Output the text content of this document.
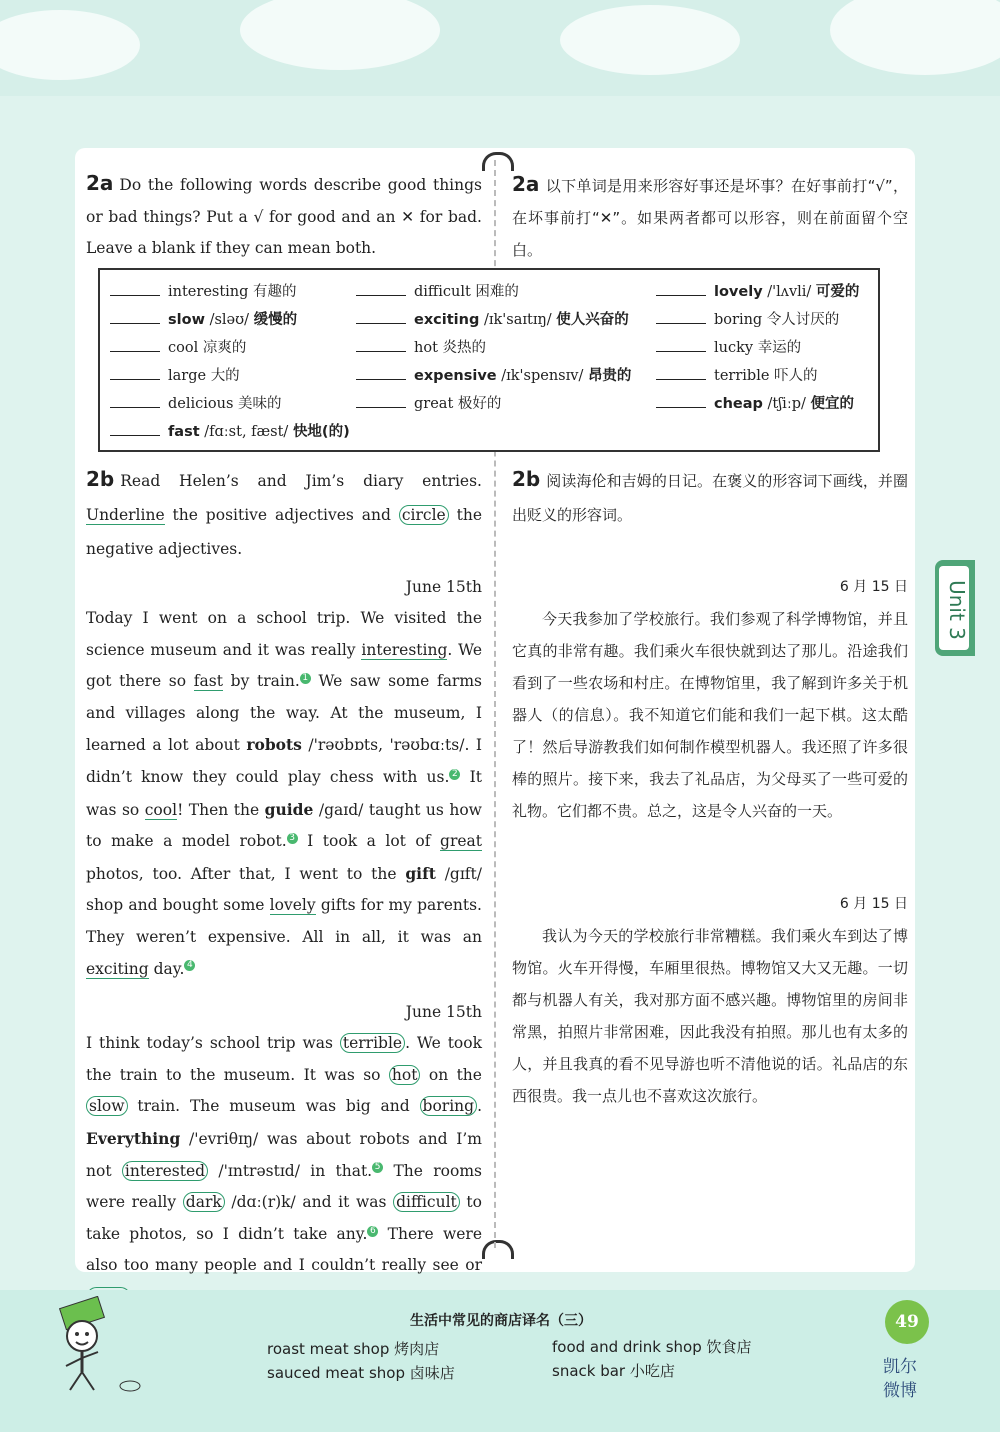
2a Do the following words describe good things or bad things? Put a √ for good and an ✕ for bad. Leave a blank if they can mean both.

2a 以下单词是用来形容好事还是坏事？在好事前打“√”，在坏事前打“✕”。如果两者都可以形容，则在前面留个空白。

interesting
有趣的
slow
/sləʊ/
缓慢的
cool
凉爽的
large
大的
delicious
美味的
fast
/fɑːst, fæst/
快地(的)
difficult
困难的
exciting
/ɪk'saɪtɪŋ/
使人兴奋的
hot
炎热的
expensive
/ɪk'spensɪv/
昂贵的
great
极好的
lovely
/'lʌvli/
可爱的
boring
令人讨厌的
lucky
幸运的
terrible
吓人的
cheap
/tʃiːp/
便宜的

2b Read Helen’s and Jim’s diary entries. Underline the positive adjectives and circle the negative adjectives.

June 15th

Today I went on a school trip. We visited the science museum and it was really interesting. We got there so fast by train. 1 We saw some farms and villages along the way. At the museum, I learned a lot about robots /'rəʊbɒts, 'rəʊbɑːts/. I didn’t know they could play chess with us. 2 It was so cool! Then the guide /gaɪd/ taught us how to make a model robot. 3 I took a lot of great photos, too. After that, I went to the gift /gɪft/ shop and bought some lovely gifts for my parents. They weren’t expensive. All in all, it was an exciting day. 4

June 15th

I think today’s school trip was terrible . We took the train to the museum. It was so hot on the slow train. The museum was big and boring . Everything /'evriθɪŋ/ was about robots and I’m not interested /'ɪntrəstɪd/ in that. 5 The rooms were really dark /dɑː(r)k/ and it was difficult to take photos, so I didn’t take any. 6 There were also too many people and I couldn’t really see or

2b 阅读海伦和吉姆的日记。在褒义的形容词下画线，并圈出贬义的形容词。

6 月 15 日

今天我参加了学校旅行。我们参观了科学博物馆，并且它真的非常有趣。我们乘火车很快就到达了那儿。沿途我们看到了一些农场和村庄。在博物馆里，我了解到许多关于机器人（的信息）。我不知道它们能和我们一起下棋。这太酷了！然后导游教我们如何制作模型机器人。我还照了许多很棒的照片。接下来，我去了礼品店，为父母买了一些可爱的礼物。它们都不贵。总之，这是令人兴奋的一天。

6 月 15 日

我认为今天的学校旅行非常糟糕。我们乘火车到达了博物馆。火车开得慢，车厢里很热。博物馆又大又无趣。一切都与机器人有关，我对那方面不感兴趣。博物馆里的房间非常黑，拍照片非常困难，因此我没有拍照。那儿也有太多的人，并且我真的看不见导游也听不清他说的话。礼品店的东西很贵。我一点儿也不喜欢这次旅行。

Unit 3
生活中常见的商店译名（三）
roast meat shop 烤肉店	food and drink shop 饮食店
sauced meat shop 卤味店	snack bar 小吃店
49
凯尔
微博
